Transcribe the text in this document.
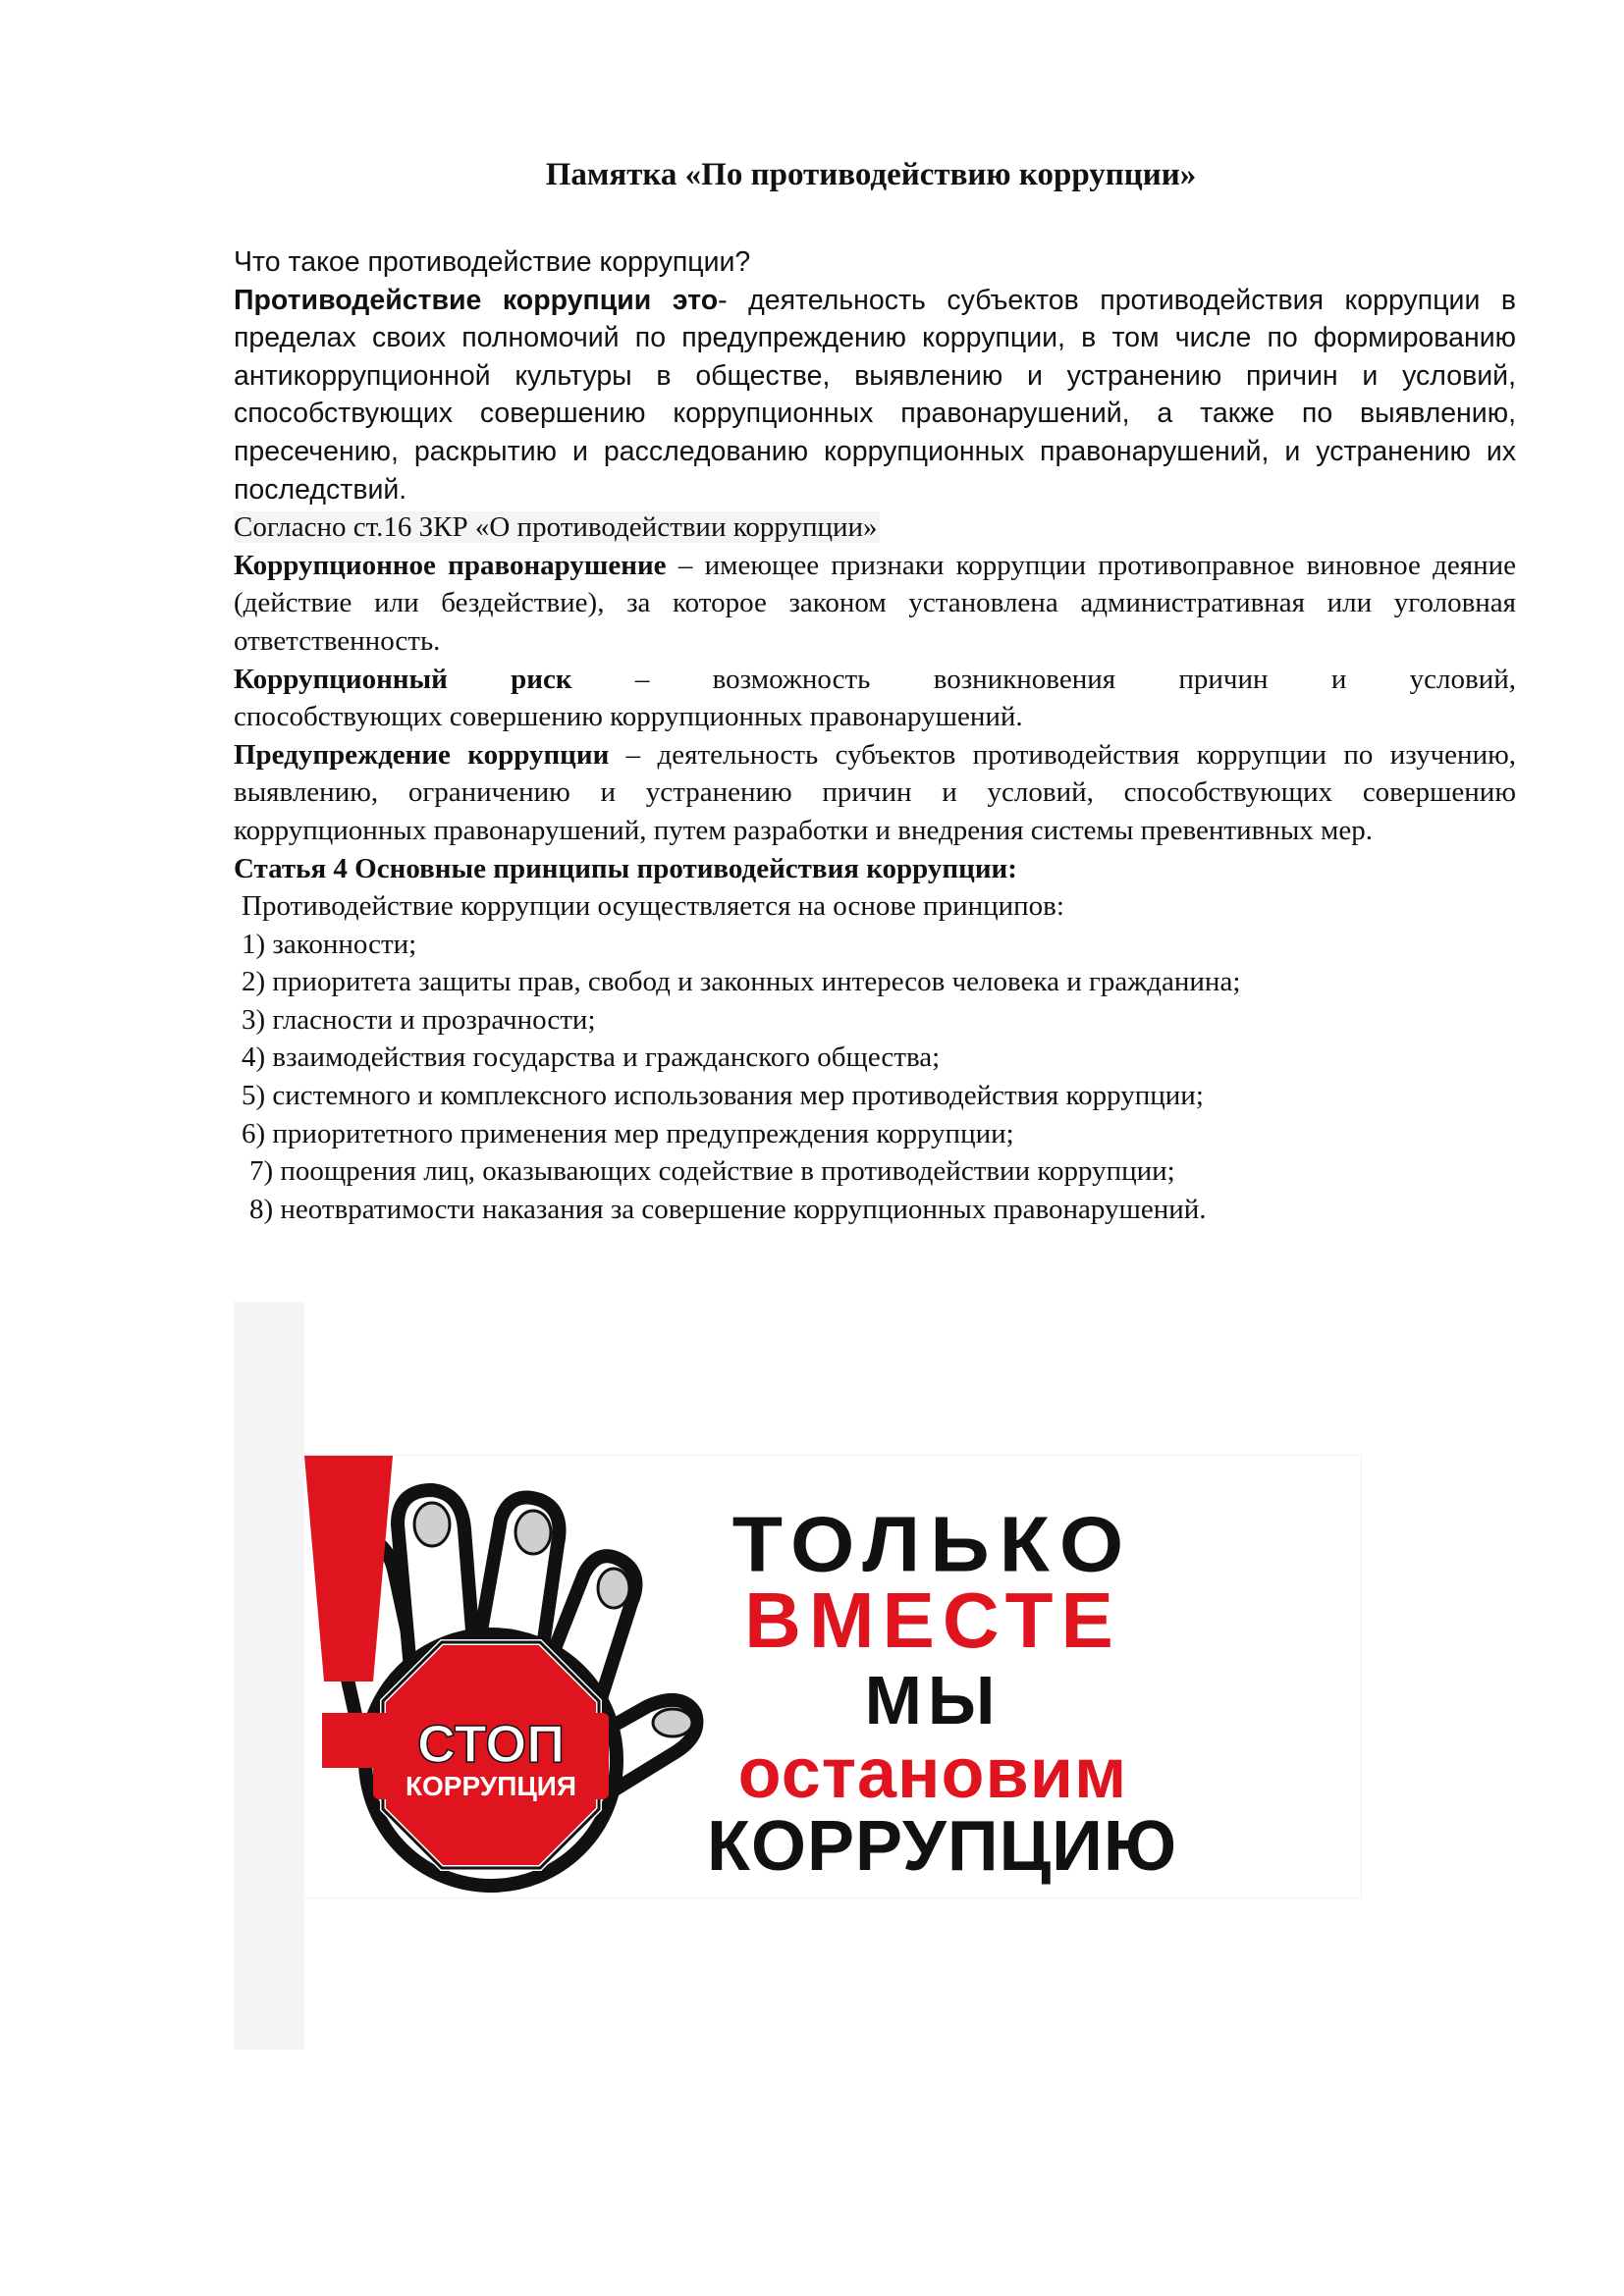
Памятка «По противодействию коррупции»

Что такое противодействие коррупции?

Противодействие коррупции это- деятельность субъектов противодействия коррупции в пределах своих полномочий по предупреждению коррупции, в том числе по формированию антикоррупционной культуры в обществе, выявлению и устранению причин и условий, способствующих совершению коррупционных правонарушений, а также по выявлению, пресечению, раскрытию и расследованию коррупционных правонарушений, и устранению их последствий.

Согласно ст.16 ЗКР «О противодействии коррупции»

Коррупционное правонарушение – имеющее признаки коррупции противоправное виновное деяние (действие или бездействие), за которое законом установлена административная или уголовная ответственность.

Коррупционный риск – возможность возникновения причин и условий,

способствующих совершению коррупционных правонарушений.

Предупреждение коррупции – деятельность субъектов противодействия коррупции по изучению, выявлению, ограничению и устранению причин и условий, способствующих совершению коррупционных правонарушений, путем разработки и внедрения системы превентивных мер.

Статья 4 Основные принципы противодействия коррупции:

Противодействие коррупции осуществляется на основе принципов:

1) законности;

2) приоритета защиты прав, свобод и законных интересов человека и гражданина;

3) гласности и прозрачности;

4) взаимодействия государства и гражданского общества;

5) системного и комплексного использования мер противодействия коррупции;

6) приоритетного применения мер предупреждения коррупции;

7) поощрения лиц, оказывающих содействие в противодействии коррупции;

8) неотвратимости наказания за совершение коррупционных правонарушений.

СТОП
КОРРУПЦИЯ
ТОЛЬКО
ВМЕСТЕ
МЫ
остановим
КОРРУПЦИЮ
